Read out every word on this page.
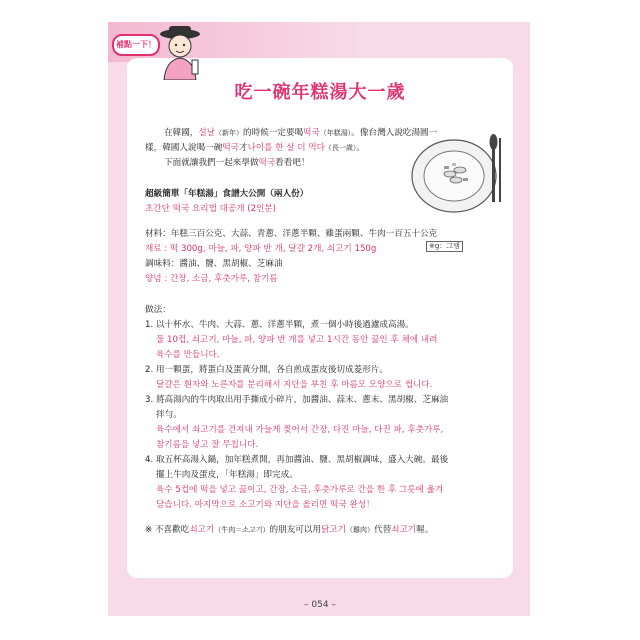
補點一下！
吃一碗年糕湯大一歲
在韓國，설날（新年）的時候一定要喝떡국（年糕湯）。像台灣人說吃湯圓一
樣，韓國人說喝一碗떡국才나이를 한 살 더 먹다（長一歲）。
下面就讓我們一起來學做떡국看看吧！
超級簡單「年糕湯」食譜大公開（兩人份）
초간단 떡국 요리법 대공개 (2인분)
材料：年糕三百公克、大蒜、青蔥、洋蔥半顆、雞蛋兩顆、牛肉一百五十公克
재료 : 떡 300g, 마늘, 파, 양파 반 개, 달걀 2개, 쇠고기 150g	※g：그램
調味料：醬油、鹽、黑胡椒、芝麻油
양념 : 간장, 소금, 후춧가루, 참기름
做法：
1. 以十杯水、牛肉、大蒜、蔥、洋蔥半顆，煮一個小時後過濾成高湯。
물 10컵, 쇠고기, 마늘, 파, 양파 반 개를 넣고 1시간 동안 끓인 후 체에 내려
육수를 만듭니다.
2. 用一顆蛋，將蛋白及蛋黃分開，各自煎成蛋皮後切成菱形片。
달걀은 흰자와 노른자를 분리해서 지단을 부친 후 마름모 모양으로 썹니다.
3. 將高湯內的牛肉取出用手撕成小碎片，加醬油、蒜末、蔥末、黑胡椒、芝麻油
拌勻。
육수에서 쇠고기를 건져내 가늘게 찢어서 간장, 다진 마늘, 다진 파, 후춧가루,
참기름을 넣고 잘 무칩니다.
4. 取五杯高湯入鍋，加年糕煮開，再加醬油、鹽、黑胡椒調味，盛入大碗。最後
擺上牛肉及蛋皮，「年糕湯」即完成。
육수 5컵에 떡을 넣고 끓이고, 간장, 소금, 후춧가루로 간을 한 후 그릇에 옮겨
담습니다. 마지막으로 소고기와 지단을 올리면 떡국 완성！
※ 不喜歡吃쇠고기（牛肉＝소고기）的朋友可以用닭고기（雞肉）代替쇠고기喔。
– 054 –
